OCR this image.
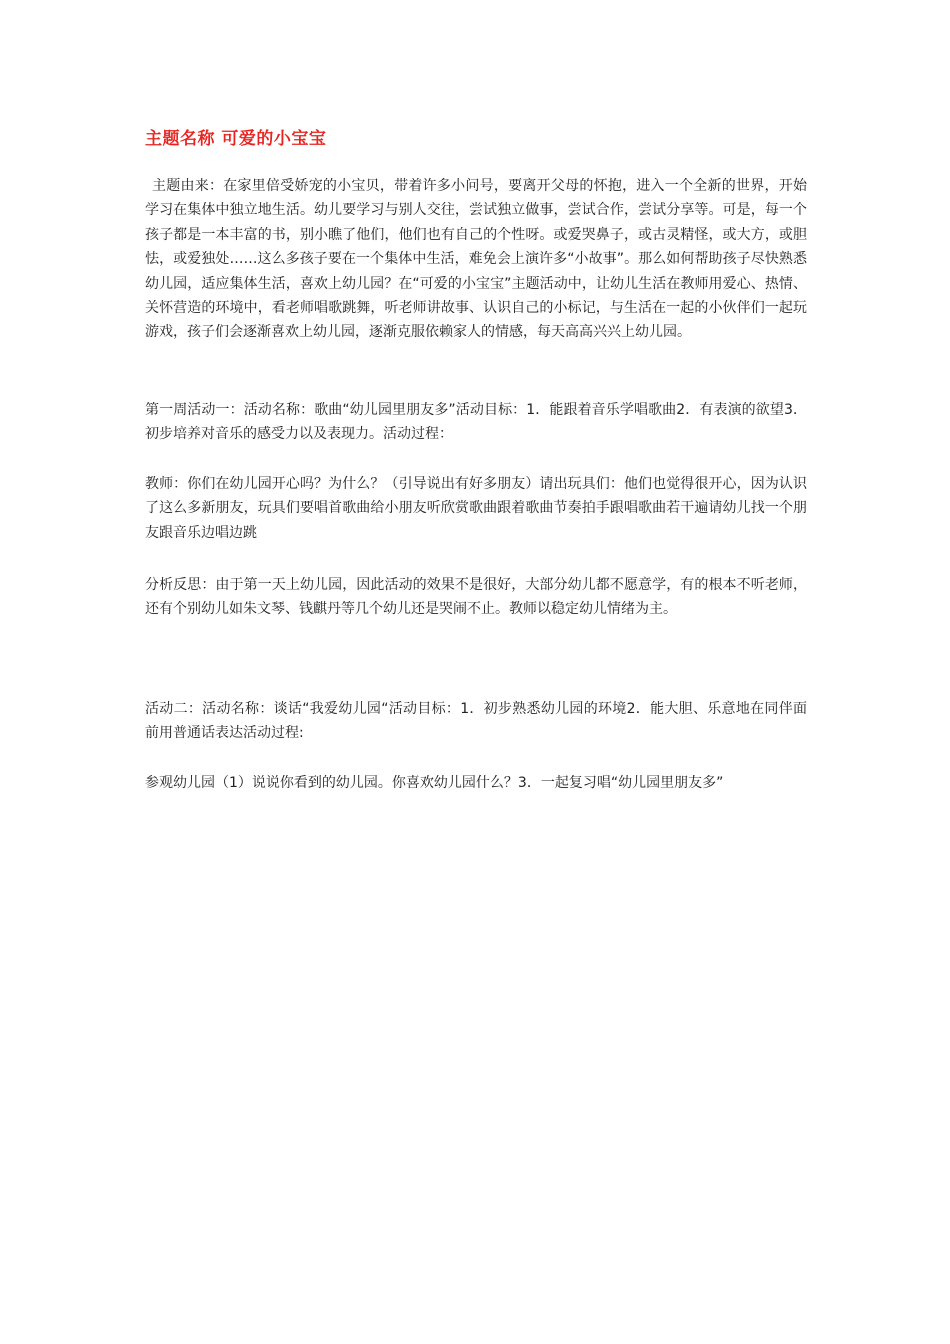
主题名称 可爱的小宝宝

主题由来：在家里倍受娇宠的小宝贝，带着许多小问号，要离开父母的怀抱，进入一个全新的世界，开始学习在集体中独立地生活。幼儿要学习与别人交往，尝试独立做事，尝试合作，尝试分享等。可是，每一个孩子都是一本丰富的书，别小瞧了他们，他们也有自己的个性呀。或爱哭鼻子，或古灵精怪，或大方，或胆怯，或爱独处……这么多孩子要在一个集体中生活，难免会上演许多“小故事”。那么如何帮助孩子尽快熟悉幼儿园，适应集体生活，喜欢上幼儿园？在“可爱的小宝宝”主题活动中，让幼儿生活在教师用爱心、热情、关怀营造的环境中，看老师唱歌跳舞，听老师讲故事、认识自己的小标记，与生活在一起的小伙伴们一起玩游戏，孩子们会逐渐喜欢上幼儿园，逐渐克服依赖家人的情感，每天高高兴兴上幼儿园。

第一周活动一：活动名称：歌曲“幼儿园里朋友多”活动目标：1．能跟着音乐学唱歌曲2．有表演的欲望3．初步培养对音乐的感受力以及表现力。活动过程：

教师：你们在幼儿园开心吗？为什么？（引导说出有好多朋友）请出玩具们：他们也觉得很开心，因为认识了这么多新朋友，玩具们要唱首歌曲给小朋友听欣赏歌曲跟着歌曲节奏拍手跟唱歌曲若干遍请幼儿找一个朋友跟音乐边唱边跳

分析反思：由于第一天上幼儿园，因此活动的效果不是很好，大部分幼儿都不愿意学，有的根本不听老师，还有个别幼儿如朱文琴、钱麒丹等几个幼儿还是哭闹不止。教师以稳定幼儿情绪为主。

活动二：活动名称：谈话“我爱幼儿园“活动目标：1．初步熟悉幼儿园的环境2．能大胆、乐意地在同伴面前用普通话表达活动过程:

参观幼儿园（1）说说你看到的幼儿园。你喜欢幼儿园什么？3．一起复习唱“幼儿园里朋友多”
